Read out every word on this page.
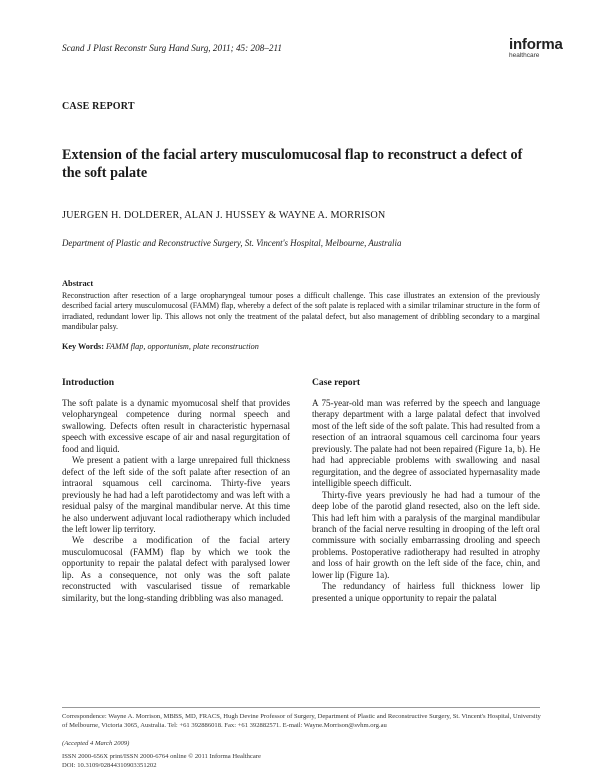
Scand J Plast Reconstr Surg Hand Surg, 2011; 45: 208–211	informa
healthcare
CASE REPORT
Extension of the facial artery musculomucosal flap to reconstruct a defect of the soft palate
JUERGEN H. DOLDERER, ALAN J. HUSSEY & WAYNE A. MORRISON
Department of Plastic and Reconstructive Surgery, St. Vincent's Hospital, Melbourne, Australia
Abstract
Reconstruction after resection of a large oropharyngeal tumour poses a difficult challenge. This case illustrates an extension of the previously described facial artery musculomucosal (FAMM) flap, whereby a defect of the soft palate is replaced with a similar trilaminar structure in the form of irradiated, redundant lower lip. This allows not only the treatment of the palatal defect, but also management of dribbling secondary to a marginal mandibular palsy.
Key Words: FAMM flap, opportunism, plate reconstruction
Introduction

The soft palate is a dynamic myomucosal shelf that provides velopharyngeal competence during normal speech and swallowing. Defects often result in characteristic hypernasal speech with excessive escape of air and nasal regurgitation of food and liquid.

We present a patient with a large unrepaired full thickness defect of the left side of the soft palate after resection of an intraoral squamous cell carcinoma. Thirty-five years previously he had had a left parotidectomy and was left with a residual palsy of the marginal mandibular nerve. At this time he also underwent adjuvant local radiotherapy which included the left lower lip territory.

We describe a modification of the facial artery musculomucosal (FAMM) flap by which we took the opportunity to repair the palatal defect with paralysed lower lip. As a consequence, not only was the soft palate reconstructed with vascularised tissue of remarkable similarity, but the long-standing dribbling was also managed.

Case report

A 75-year-old man was referred by the speech and language therapy department with a large palatal defect that involved most of the left side of the soft palate. This had resulted from a resection of an intraoral squamous cell carcinoma four years previously. The palate had not been repaired (Figure 1a, b). He had had appreciable problems with swallowing and nasal regurgitation, and the degree of associated hypernasality made intelligible speech difficult.

Thirty-five years previously he had had a tumour of the deep lobe of the parotid gland resected, also on the left side. This had left him with a paralysis of the marginal mandibular branch of the facial nerve resulting in drooping of the left oral commissure with socially embarrassing drooling and speech problems. Postoperative radiotherapy had resulted in atrophy and loss of hair growth on the left side of the face, chin, and lower lip (Figure 1a).

The redundancy of hairless full thickness lower lip presented a unique opportunity to repair the palatal

Correspondence: Wayne A. Morrison, MBBS, MD, FRACS, Hugh Devine Professor of Surgery, Department of Plastic and Reconstructive Surgery, St. Vincent's Hospital, University of Melbourne, Victoria 3065, Australia. Tel: +61 392886018. Fax: +61 392882571. E-mail: Wayne.Morrison@svhm.org.au
(Accepted 4 March 2009)
ISSN 2000-656X print/ISSN 2000-6764 online © 2011 Informa Healthcare
DOI: 10.3109/02844310903351202
